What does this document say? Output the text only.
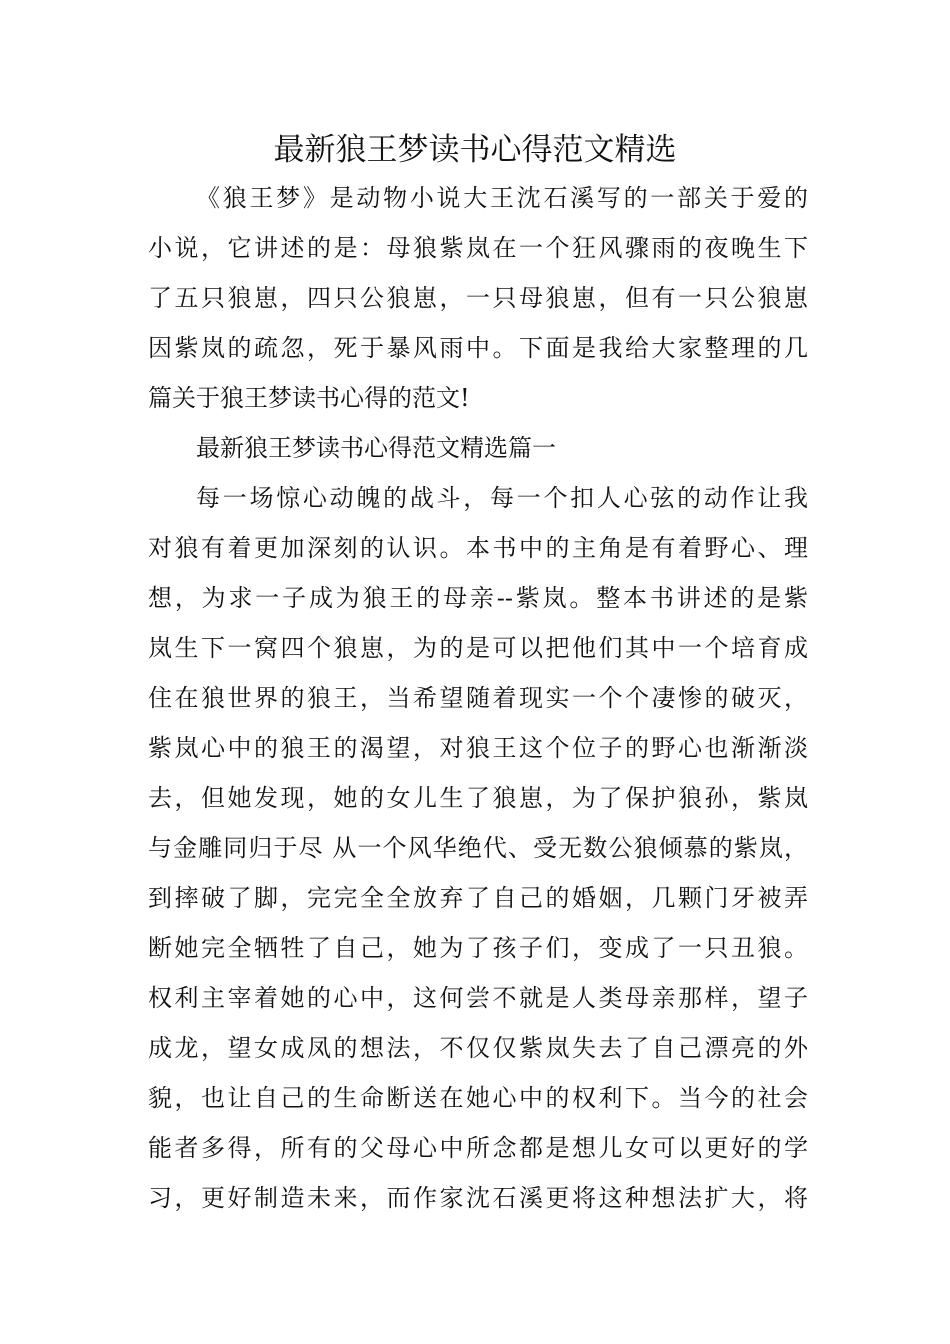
最新狼王梦读书心得范文精选
《狼王梦》是动物小说大王沈石溪写的一部关于爱的
小说，它讲述的是：母狼紫岚在一个狂风骤雨的夜晚生下
了五只狼崽，四只公狼崽，一只母狼崽，但有一只公狼崽
因紫岚的疏忽，死于暴风雨中。下面是我给大家整理的几
篇关于狼王梦读书心得的范文!
最新狼王梦读书心得范文精选篇一
每一场惊心动魄的战斗，每一个扣人心弦的动作让我
对狼有着更加深刻的认识。本书中的主角是有着野心、理
想，为求一子成为狼王的母亲--紫岚。整本书讲述的是紫
岚生下一窝四个狼崽，为的是可以把他们其中一个培育成
住在狼世界的狼王，当希望随着现实一个个凄惨的破灭，
紫岚心中的狼王的渴望，对狼王这个位子的野心也渐渐淡
去，但她发现，她的女儿生了狼崽，为了保护狼孙，紫岚
与金雕同归于尽 从一个风华绝代、受无数公狼倾慕的紫岚，
到摔破了脚，完完全全放弃了自己的婚姻，几颗门牙被弄
断她完全牺牲了自己，她为了孩子们，变成了一只丑狼。
权利主宰着她的心中，这何尝不就是人类母亲那样，望子
成龙，望女成凤的想法，不仅仅紫岚失去了自己漂亮的外
貌，也让自己的生命断送在她心中的权利下。当今的社会
能者多得，所有的父母心中所念都是想儿女可以更好的学
习，更好制造未来，而作家沈石溪更将这种想法扩大，将
